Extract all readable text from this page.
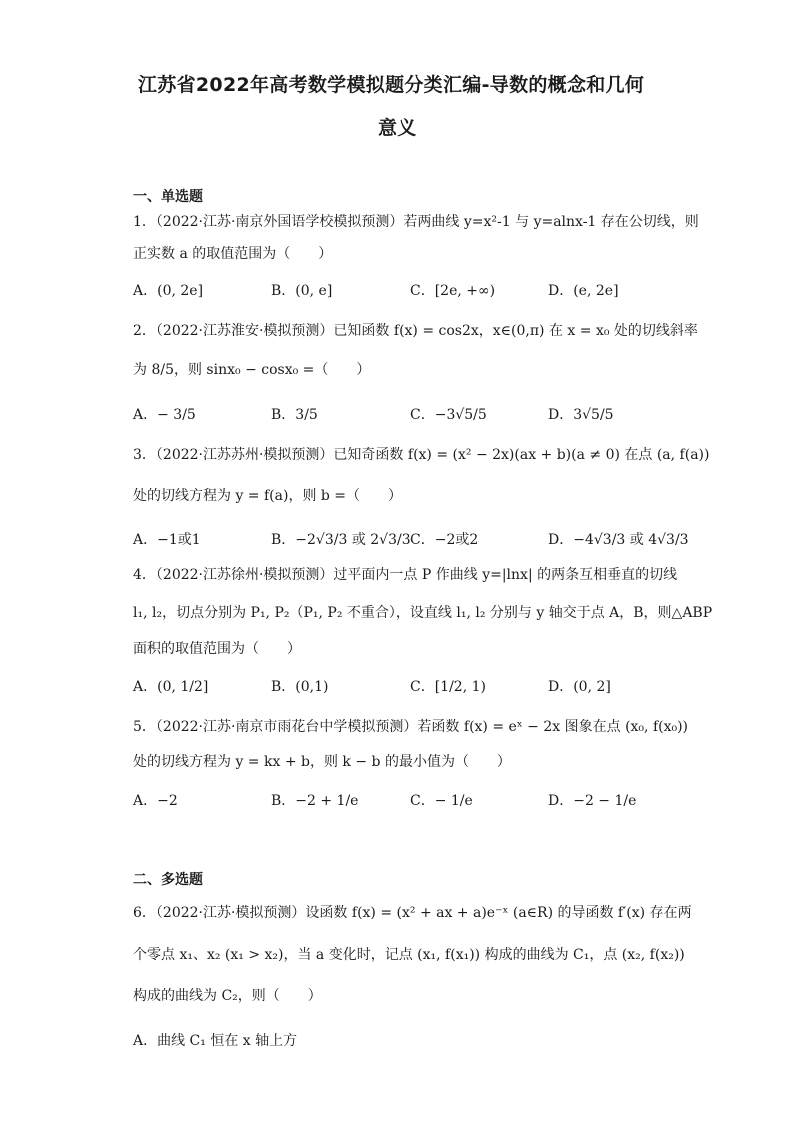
江苏省2022年高考数学模拟题分类汇编-导数的概念和几何
意义
一、单选题
1．（2022·江苏·南京外国语学校模拟预测）若两曲线 y=x²-1 与 y=alnx-1 存在公切线，则
正实数 a 的取值范围为（　　）
A．(0, 2e]	B．(0, e]	C．[2e, +∞)	D．(e, 2e]
2．（2022·江苏淮安·模拟预测）已知函数 f(x) = cos2x，x∈(0,π) 在 x = x₀ 处的切线斜率
为 8/5，则 sinx₀ − cosx₀ =（　　）
A．− 3/5	B．3/5	C．−3√5/5	D．3√5/5
3．（2022·江苏苏州·模拟预测）已知奇函数 f(x) = (x² − 2x)(ax + b)(a ≠ 0) 在点 (a, f(a))
处的切线方程为 y = f(a)，则 b =（　　）
A．−1或1	B．−2√3/3 或 2√3/3 C．−2或2	D．−4√3/3 或 4√3/3
4．（2022·江苏徐州·模拟预测）过平面内一点 P 作曲线 y=|lnx| 的两条互相垂直的切线
l₁, l₂，切点分别为 P₁, P₂（P₁, P₂ 不重合），设直线 l₁, l₂ 分别与 y 轴交于点 A，B，则△ABP
面积的取值范围为（　　）
A．(0, 1/2]	B．(0,1)	C．[1/2, 1)	D．(0, 2]
5．（2022·江苏·南京市雨花台中学模拟预测）若函数 f(x) = eˣ − 2x 图象在点 (x₀, f(x₀))
处的切线方程为 y = kx + b，则 k − b 的最小值为（　　）
A．−2	B．−2 + 1/e	C．− 1/e	D．−2 − 1/e
二、多选题
6．（2022·江苏·模拟预测）设函数 f(x) = (x² + ax + a)e⁻ˣ (a∈R) 的导函数 f′(x) 存在两
个零点 x₁、x₂ (x₁ > x₂)，当 a 变化时，记点 (x₁, f(x₁)) 构成的曲线为 C₁，点 (x₂, f(x₂))
构成的曲线为 C₂，则（　　）
A．曲线 C₁ 恒在 x 轴上方
